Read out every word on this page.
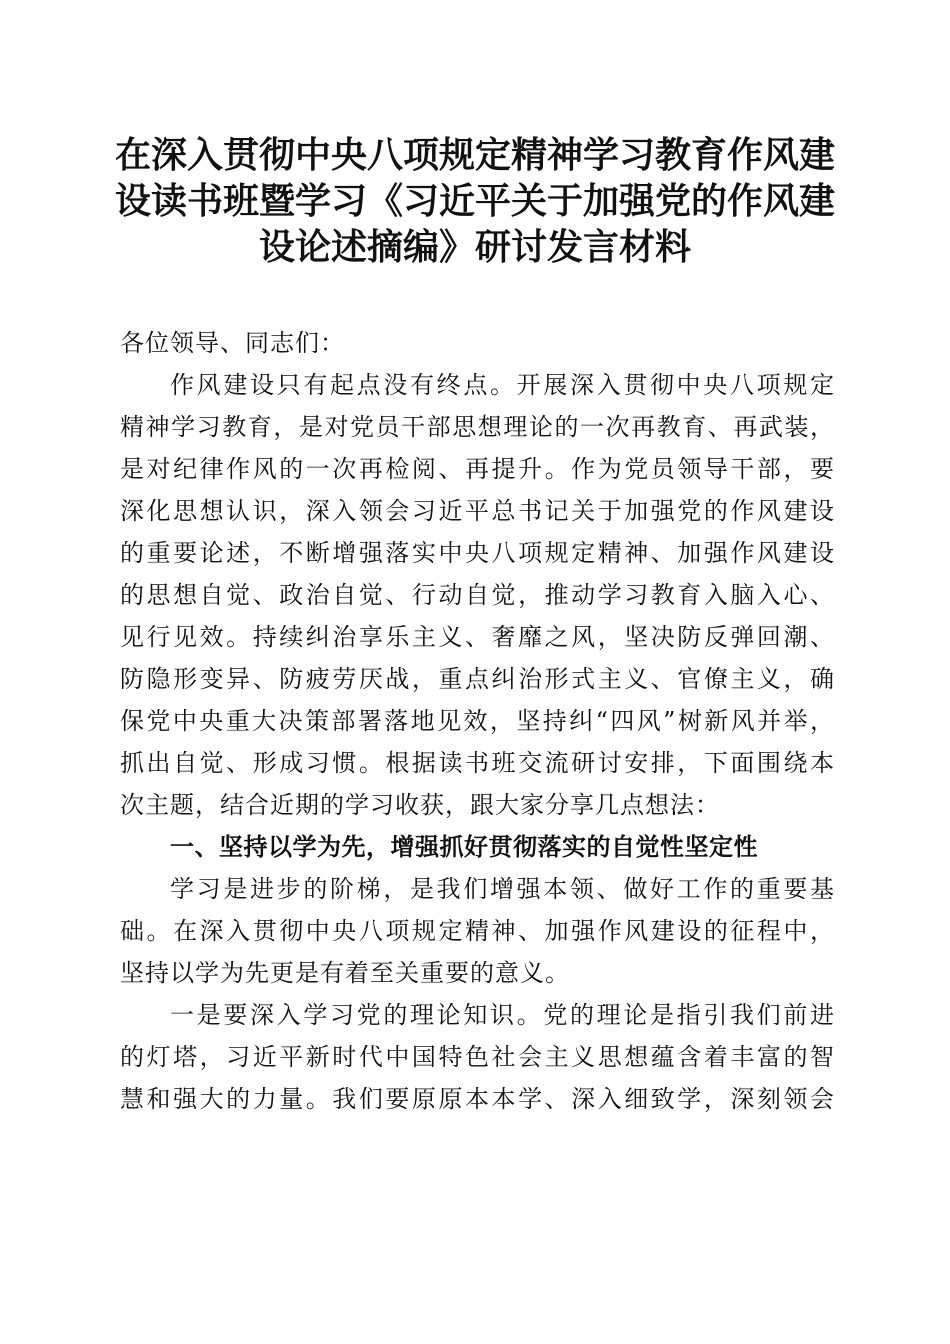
在深入贯彻中央八项规定精神学习教育作风建
设读书班暨学习《习近平关于加强党的作风建
设论述摘编》研讨发言材料
各位领导、同志们：
作风建设只有起点没有终点。开展深入贯彻中央八项规定
精神学习教育，是对党员干部思想理论的一次再教育、再武装，
是对纪律作风的一次再检阅、再提升。作为党员领导干部，要
深化思想认识，深入领会习近平总书记关于加强党的作风建设
的重要论述，不断增强落实中央八项规定精神、加强作风建设
的思想自觉、政治自觉、行动自觉，推动学习教育入脑入心、
见行见效。持续纠治享乐主义、奢靡之风，坚决防反弹回潮、
防隐形变异、防疲劳厌战，重点纠治形式主义、官僚主义，确
保党中央重大决策部署落地见效，坚持纠“四风”树新风并举，
抓出自觉、形成习惯。根据读书班交流研讨安排，下面围绕本
次主题，结合近期的学习收获，跟大家分享几点想法：
一、坚持以学为先，增强抓好贯彻落实的自觉性坚定性
学习是进步的阶梯，是我们增强本领、做好工作的重要基
础。在深入贯彻中央八项规定精神、加强作风建设的征程中，
坚持以学为先更是有着至关重要的意义。
一是要深入学习党的理论知识。党的理论是指引我们前进
的灯塔，习近平新时代中国特色社会主义思想蕴含着丰富的智
慧和强大的力量。我们要原原本本学、深入细致学，深刻领会
